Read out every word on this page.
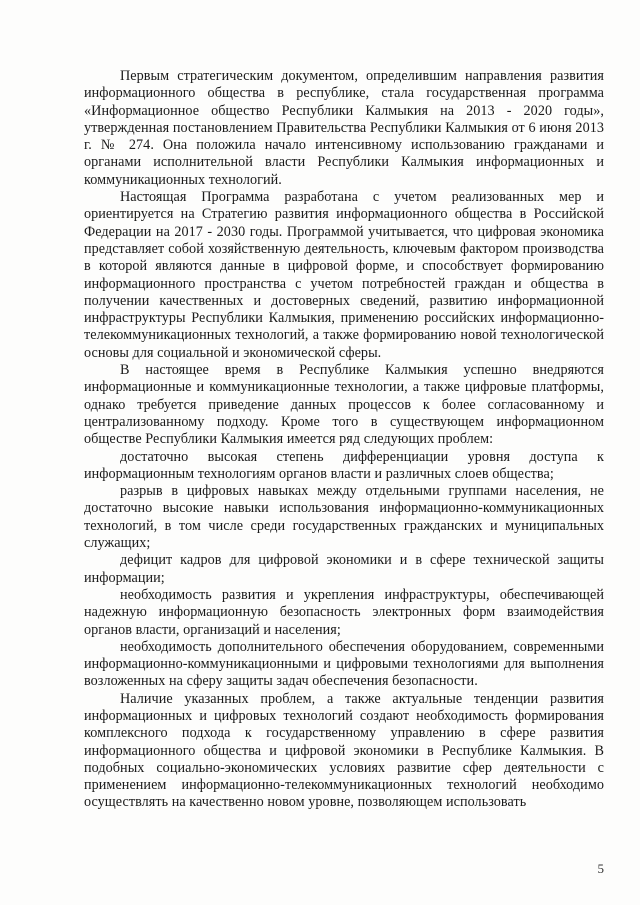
Первым стратегическим документом, определившим направления развития информационного общества в республике, стала государственная программа «Информационное общество Республики Калмыкия на 2013 - 2020 годы», утвержденная постановлением Правительства Республики Калмыкия от 6 июня 2013 г. № 274. Она положила начало интенсивному использованию гражданами и органами исполнительной власти Республики Калмыкия информационных и коммуникационных технологий.

Настоящая Программа разработана с учетом реализованных мер и ориентируется на Стратегию развития информационного общества в Российской Федерации на 2017 - 2030 годы. Программой учитывается, что цифровая экономика представляет собой хозяйственную деятельность, ключевым фактором производства в которой являются данные в цифровой форме, и способствует формированию информационного пространства с учетом потребностей граждан и общества в получении качественных и достоверных сведений, развитию информационной инфраструктуры Республики Калмыкия, применению российских информационно-телекоммуникационных технологий, а также формированию новой технологической основы для социальной и экономической сферы.

В настоящее время в Республике Калмыкия успешно внедряются информационные и коммуникационные технологии, а также цифровые платформы, однако требуется приведение данных процессов к более согласованному и централизованному подходу. Кроме того в существующем информационном обществе Республики Калмыкия имеется ряд следующих проблем:

достаточно высокая степень дифференциации уровня доступа к информационным технологиям органов власти и различных слоев общества;

разрыв в цифровых навыках между отдельными группами населения, не достаточно высокие навыки использования информационно-коммуникационных технологий, в том числе среди государственных гражданских и муниципальных служащих;

дефицит кадров для цифровой экономики и в сфере технической защиты информации;

необходимость развития и укрепления инфраструктуры, обеспечивающей надежную информационную безопасность электронных форм взаимодействия органов власти, организаций и населения;

необходимость дополнительного обеспечения оборудованием, современными информационно-коммуникационными и цифровыми технологиями для выполнения возложенных на сферу защиты задач обеспечения безопасности.

Наличие указанных проблем, а также актуальные тенденции развития информационных и цифровых технологий создают необходимость формирования комплексного подхода к государственному управлению в сфере развития информационного общества и цифровой экономики в Республике Калмыкия. В подобных социально-экономических условиях развитие сфер деятельности с применением информационно-телекоммуникационных технологий необходимо осуществлять на качественно новом уровне, позволяющем использовать

5
